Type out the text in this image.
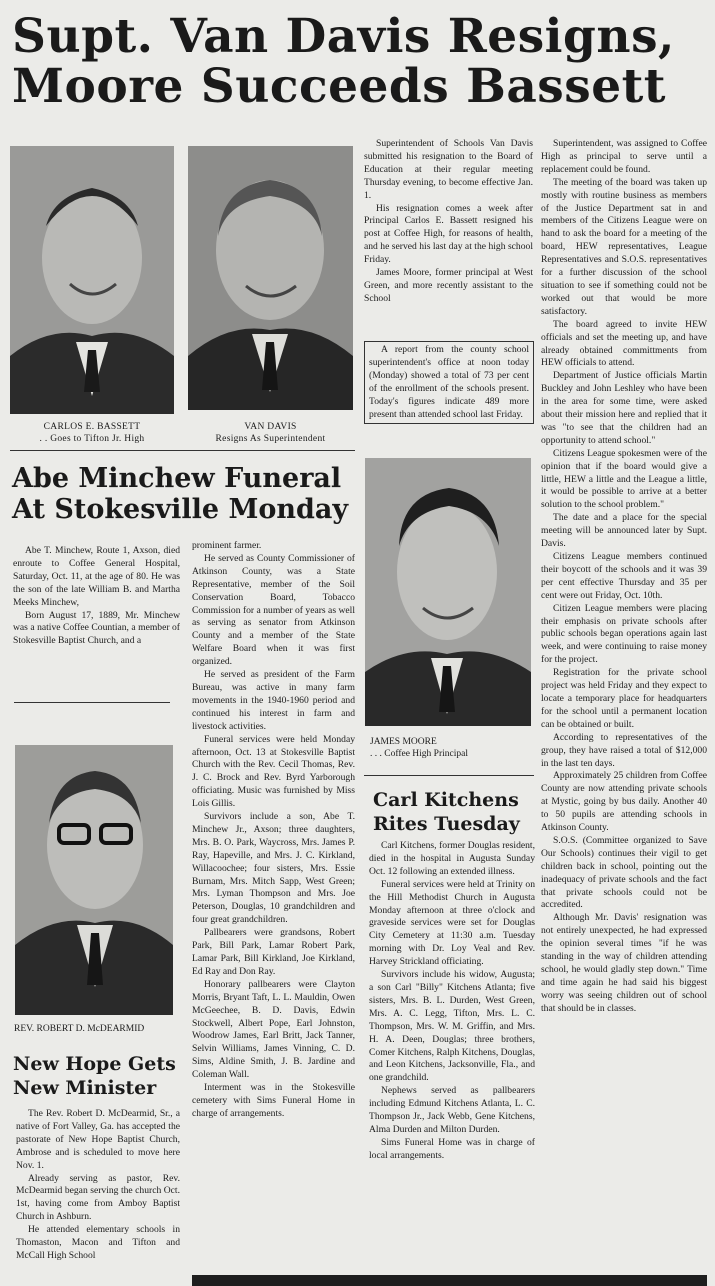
Supt. Van Davis Resigns,
Moore Succeeds Bassett
CARLOS E. BASSETT
. . Goes to Tifton Jr. High
VAN DAVIS
Resigns As Superintendent

Superintendent of Schools Van Davis submitted his resignation to the Board of Education at their regular meeting Thursday evening, to become effective Jan. 1.

His resignation comes a week after Principal Carlos E. Bassett resigned his post at Coffee High, for reasons of health, and he served his last day at the high school Friday.

James Moore, former principal at West Green, and more recently assistant to the School

A report from the county school superintendent's office at noon today (Monday) showed a total of 73 per cent of the enrollment of the schools present. Today's figures indicate 489 more present than attended school last Friday.

Superintendent, was assigned to Coffee High as principal to serve until a replacement could be found.

The meeting of the board was taken up mostly with routine business as members of the Justice Department sat in and members of the Citizens League were on hand to ask the board for a meeting of the board, HEW representatives, League Representatives and S.O.S. representatives for a further discussion of the school situation to see if something could not be worked out that would be more satisfactory.

The board agreed to invite HEW officials and set the meeting up, and have already obtained committments from HEW officials to attend.

Department of Justice officials Martin Buckley and John Leshley who have been in the area for some time, were asked about their mission here and replied that it was "to see that the children had an opportunity to attend school."

Citizens League spokesmen were of the opinion that if the board would give a little, HEW a little and the League a little, it would be possible to arrive at a better solution to the school problem."

The date and a place for the special meeting will be announced later by Supt. Davis.

Citizens League members continued their boycott of the schools and it was 39 per cent effective Thursday and 35 per cent were out Friday, Oct. 10th.

Citizen League members were placing their emphasis on private schools after public schools began operations again last week, and were continuing to raise money for the project.

Registration for the private school project was held Friday and they expect to locate a temporary place for headquarters for the school until a permanent location can be obtained or built.

According to representatives of the group, they have raised a total of $12,000 in the last ten days.

Approximately 25 children from Coffee County are now attending private schools at Mystic, going by bus daily. Another 40 to 50 pupils are attending schools in Atkinson County.

S.O.S. (Committee organized to Save Our Schools) continues their vigil to get children back in school, pointing out the inadequacy of private schools and the fact that private schools could not be accredited.

Although Mr. Davis' resignation was not entirely unexpected, he had expressed the opinion several times "if he was standing in the way of children attending school, he would gladly step down." Time and time again he had said his biggest worry was seeing children out of school that should be in classes.

Abe Minchew Funeral
At Stokesville Monday

Abe T. Minchew, Route 1, Axson, died enroute to Coffee General Hospital, Saturday, Oct. 11, at the age of 80. He was the son of the late William B. and Martha Meeks Minchew,

Born August 17, 1889, Mr. Minchew was a native Coffee Countian, a member of Stokesville Baptist Church, and a

prominent farmer.

He served as County Commissioner of Atkinson County, was a State Representative, member of the Soil Conservation Board, Tobacco Commission for a number of years as well as serving as senator from Atkinson County and a member of the State Welfare Board when it was first organized.

He served as president of the Farm Bureau, was active in many farm movements in the 1940-1960 period and continued his interest in farm and livestock activities.

Funeral services were held Monday afternoon, Oct. 13 at Stokesville Baptist Church with the Rev. Cecil Thomas, Rev. J. C. Brock and Rev. Byrd Yarborough officiating. Music was furnished by Miss Lois Gillis.

Survivors include a son, Abe T. Minchew Jr., Axson; three daughters, Mrs. B. O. Park, Waycross, Mrs. James P. Ray, Hapeville, and Mrs. J. C. Kirkland, Willacoochee; four sisters, Mrs. Essie Burnam, Mrs. Mitch Sapp, West Green; Mrs. Lyman Thompson and Mrs. Joe Peterson, Douglas, 10 grandchildren and four great grandchildren.

Pallbearers were grandsons, Robert Park, Bill Park, Lamar Robert Park, Lamar Park, Bill Kirkland, Joe Kirkland, Ed Ray and Don Ray.

Honorary pallbearers were Clayton Morris, Bryant Taft, L. L. Mauldin, Owen McGeechee, B. D. Davis, Edwin Stockwell, Albert Pope, Earl Johnston, Woodrow James, Earl Britt, Jack Tanner, Selvin Williams, James Vinning, C. D. Sims, Aldine Smith, J. B. Jardine and Coleman Wall.

Interment was in the Stokesville cemetery with Sims Funeral Home in charge of arrangements.

REV. ROBERT D. McDEARMID
New Hope Gets
New Minister

The Rev. Robert D. McDearmid, Sr., a native of Fort Valley, Ga. has accepted the pastorate of New Hope Baptist Church, Ambrose and is scheduled to move here Nov. 1.

Already serving as pastor, Rev. McDearmid began serving the church Oct. 1st, having come from Amboy Baptist Church in Ashburn.

He attended elementary schools in Thomaston, Macon and Tifton and McCall High School

JAMES MOORE
. . . Coffee High Principal
Carl Kitchens
Rites Tuesday

Carl Kitchens, former Douglas resident, died in the hospital in Augusta Sunday Oct. 12 following an extended illness.

Funeral services were held at Trinity on the Hill Methodist Church in Augusta Monday afternoon at three o'clock and graveside services were set for Douglas City Cemetery at 11:30 a.m. Tuesday morning with Dr. Loy Veal and Rev. Harvey Strickland officiating.

Survivors include his widow, Augusta; a son Carl "Billy" Kitchens Atlanta; five sisters, Mrs. B. L. Durden, West Green, Mrs. A. C. Legg, Tifton, Mrs. L. C. Thompson, Mrs. W. M. Griffin, and Mrs. H. A. Deen, Douglas; three brothers, Comer Kitchens, Ralph Kitchens, Douglas, and Leon Kitchens, Jacksonville, Fla., and one grandchild.

Nephews served as pallbearers including Edmund Kitchens Atlanta, L. C. Thompson Jr., Jack Webb, Gene Kitchens, Alma Durden and Milton Durden.

Sims Funeral Home was in charge of local arrangements.
